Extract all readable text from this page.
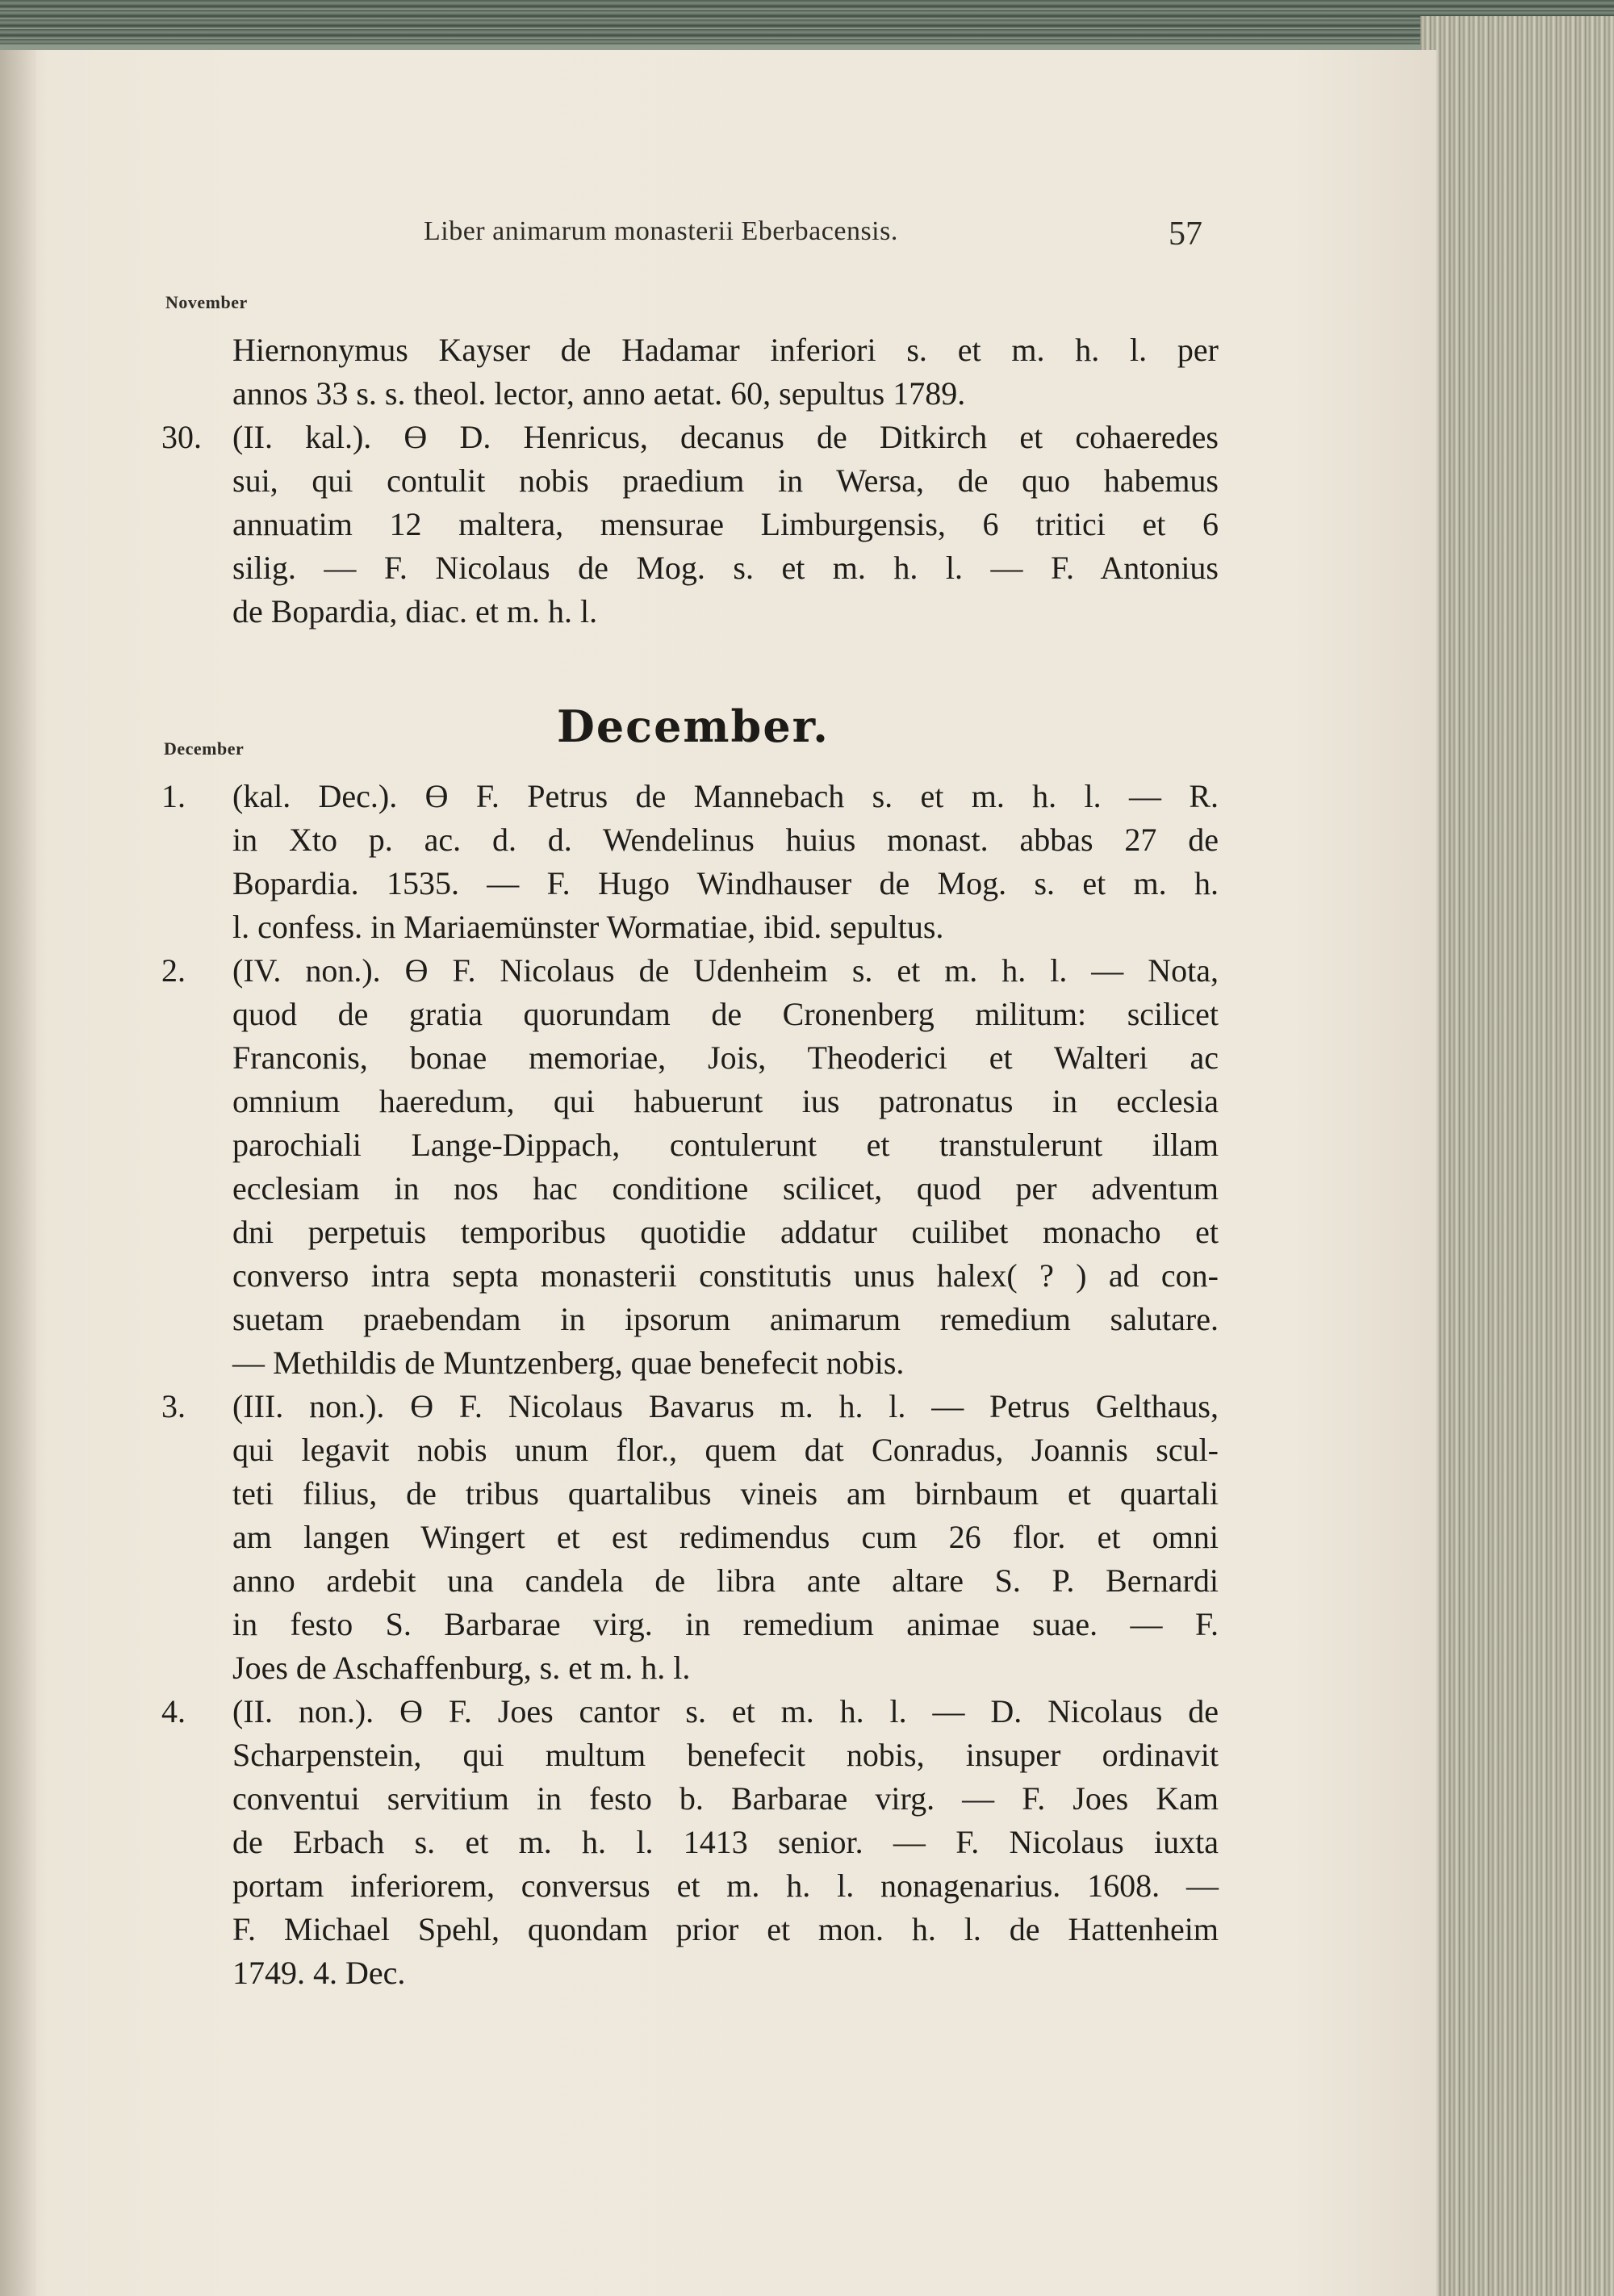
Liber animarum monasterii Eberbacensis.	57
November
Hiernonymus Kayser de Hadamar inferiori s. et m. h. l. per
annos 33 s. s. theol. lector, anno aetat. 60, sepultus 1789.
30. (II. kal.). ϴ D. Henricus, decanus de Ditkirch et cohaeredes
sui, qui contulit nobis praedium in Wersa, de quo habemus
annuatim 12 maltera, mensurae Limburgensis, 6 tritici et 6
silig. — F. Nicolaus de Mog. s. et m. h. l. — F. Antonius
de Bopardia, diac. et m. h. l.
December.
December
1.	(kal. Dec.). ϴ F. Petrus de Mannebach s. et m. h. l. — R.
in Xto p. ac. d. d. Wendelinus huius monast. abbas 27 de
Bopardia. 1535. — F. Hugo Windhauser de Mog. s. et m. h.
l. confess. in Mariaemünster Wormatiae, ibid. sepultus.
2.	(IV. non.). ϴ F. Nicolaus de Udenheim s. et m. h. l. — Nota,
quod de gratia quorundam de Cronenberg militum: scilicet
Franconis, bonae memoriae, Jois, Theoderici et Walteri ac
omnium haeredum, qui habuerunt ius patronatus in ecclesia
parochiali Lange-Dippach, contulerunt et transtulerunt illam
ecclesiam in nos hac conditione scilicet, quod per adventum
dni perpetuis temporibus quotidie addatur cuilibet monacho et
converso intra septa monasterii constitutis unus halex( ? ) ad con-
suetam praebendam in ipsorum animarum remedium salutare.
— Methildis de Muntzenberg, quae benefecit nobis.
3.	(III. non.). ϴ F. Nicolaus Bavarus m. h. l. — Petrus Gelthaus,
qui legavit nobis unum flor., quem dat Conradus, Joannis scul-
teti filius, de tribus quartalibus vineis am birnbaum et quartali
am langen Wingert et est redimendus cum 26 flor. et omni
anno ardebit una candela de libra ante altare S. P. Bernardi
in festo S. Barbarae virg. in remedium animae suae. — F.
Joes de Aschaffenburg, s. et m. h. l.
4.	(II. non.). ϴ F. Joes cantor s. et m. h. l. — D. Nicolaus de
Scharpenstein, qui multum benefecit nobis, insuper ordinavit
conventui servitium in festo b. Barbarae virg. — F. Joes Kam
de Erbach s. et m. h. l. 1413 senior. — F. Nicolaus iuxta
portam inferiorem, conversus et m. h. l. nonagenarius. 1608. —
F. Michael Spehl, quondam prior et mon. h. l. de Hattenheim
1749. 4. Dec.
